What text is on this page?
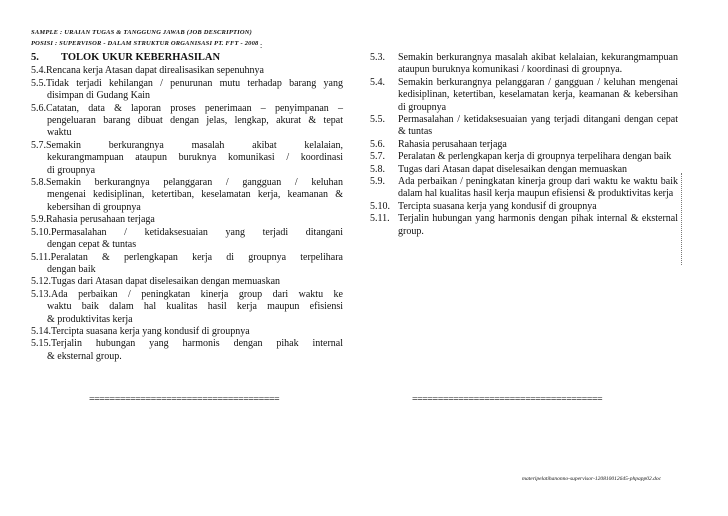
SAMPLE : URAIAN TUGAS & TANGGUNG JAWAB (JOB DESCRIPTION)
POSISI : SUPERVISOR - DALAM STRUKTUR ORGANISASI PT. FFT - 2008 :
5.	TOLOK UKUR KEBERHASILAN
5.4.Rencana kerja Atasan dapat direalisasikan sepenuhnya
5.5.Tidak terjadi kehilangan / penurunan mutu terhadap barang yang
disimpan di Gudang Kain
5.6.Catatan, data & laporan proses penerimaan – penyimpanan –
pengeluaran barang dibuat dengan jelas, lengkap, akurat & tepat
waktu
5.7.Semakin berkurangnya masalah akibat kelalaian,
kekurangmampuan ataupun buruknya komunikasi / koordinasi
di groupnya
5.8.Semakin berkurangnya pelanggaran / gangguan / keluhan
mengenai kedisiplinan, ketertiban, keselamatan kerja, keamanan &
kebersihan di groupnya
5.9.Rahasia perusahaan terjaga
5.10.Permasalahan / ketidaksesuaian yang terjadi ditangani
dengan cepat & tuntas
5.11.Peralatan & perlengkapan kerja di groupnya terpelihara
dengan baik
5.12.Tugas dari Atasan dapat diselesaikan dengan memuaskan
5.13.Ada perbaikan / peningkatan kinerja group dari waktu ke
waktu baik dalam hal kualitas hasil kerja maupun efisiensi
& produktivitas kerja
5.14.Tercipta suasana kerja yang kondusif di groupnya
5.15.Terjalin hubungan yang harmonis dengan pihak internal
& eksternal group.
5.3.	Semakin berkurangnya masalah akibat kelalaian, kekurangmampuan ataupun buruknya komunikasi / koordinasi di groupnya.
5.4.	Semakin berkurangnya pelanggaran / gangguan / keluhan mengenai kedisiplinan, ketertiban, keselamatan kerja, keamanan & kebersihan di groupnya
5.5.	Permasalahan / ketidaksesuaian yang terjadi ditangani dengan cepat & tuntas
5.6.	Rahasia perusahaan terjaga
5.7.	Peralatan & perlengkapan kerja di groupnya terpelihara dengan baik
5.8.	Tugas dari Atasan dapat diselesaikan dengan memuaskan
5.9.	Ada perbaikan / peningkatan kinerja group dari waktu ke waktu baik dalam hal kualitas hasil kerja maupun efisiensi & produktivitas kerja
5.10. Tercipta suasana kerja yang kondusif di groupnya
5.11. Terjalin hubungan yang harmonis dengan pihak internal & eksternal group.
=====================================	=====================================
materipelatihanonno-supervisor-120810012645-phpapp02.doc
